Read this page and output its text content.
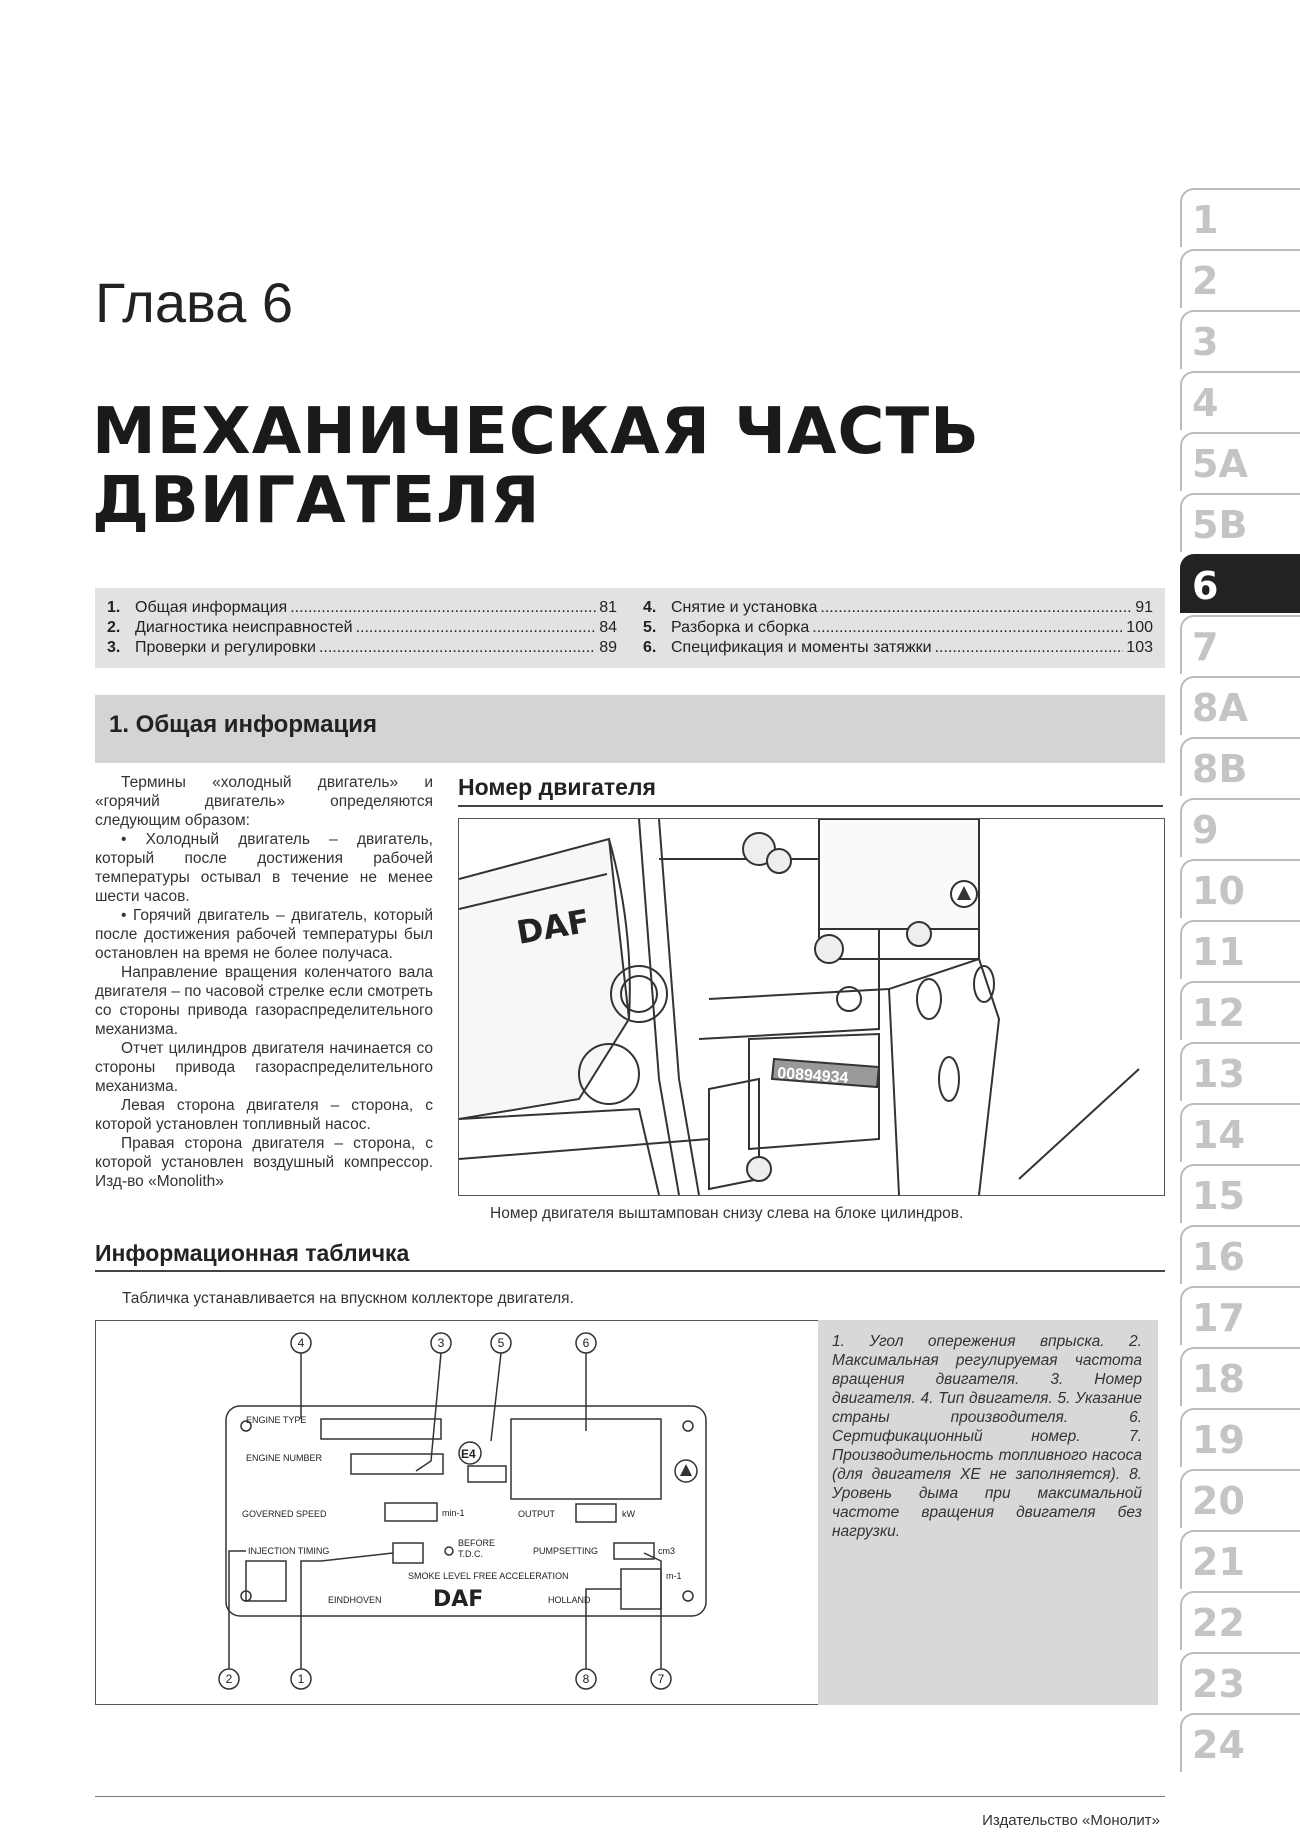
1
2
3
4
5A
5B
6
7
8A
8B
9
10
11
12
13
14
15
16
17
18
19
20
21
22
23
24
Глава 6
МЕХАНИЧЕСКАЯ ЧАСТЬ
ДВИГАТЕЛЯ
1. Общая информация .....	81
2. Диагностика неисправностей .....	84
3. Проверки и регулировки .....	89
4. Снятие и установка .....	91
5. Разборка и сборка .....	100
6. Спецификация и моменты затяжки .....	103
1. Общая информация

Термины «холодный двигатель» и «горячий двигатель» определяются следующим образом:

• Холодный двигатель – двигатель, который после достижения рабочей температуры остывал в течение не менее шести часов.

• Горячий двигатель – двигатель, который после достижения рабочей температуры был остановлен на время не более получаса.

Направление вращения коленчатого вала двигателя – по часовой стрелке если смотреть со стороны привода газораспределительного механизма.

Отчет цилиндров двигателя начинается со стороны привода газораспределительного механизма.

Левая сторона двигателя – сторона, с которой установлен топливный насос.

Правая сторона двигателя – сторона, с которой установлен воздушный компрессор. Изд-во «Monolith»

Номер двигателя
DAF
00894934
Номер двигателя выштампован снизу слева на блоке цилиндров.
Информационная табличка
Табличка устанавливается на впускном коллекторе двигателя.
ENGINE TYPE
ENGINE NUMBER
GOVERNED SPEED	min-1	OUTPUT	kW
INJECTION TIMING
BEFORE
T.D.C.	PUMPSETTING	cm3
SMOKE LEVEL FREE ACCELERATION	m-1
EINDHOVEN	HOLLAND
DAF
E4
4	3	5	6
2	1	8	7
1. Угол опережения впрыска. 2. Максимальная регулируемая частота вращения двигателя. 3. Номер двигателя. 4. Тип двигателя. 5. Указание страны производителя. 6. Сертификационный номер. 7. Производительность топливного насоса (для двигателя XE не заполняется). 8. Уровень дыма при максимальной частоте вращения двигателя без нагрузки.
Издательство «Монолит»
